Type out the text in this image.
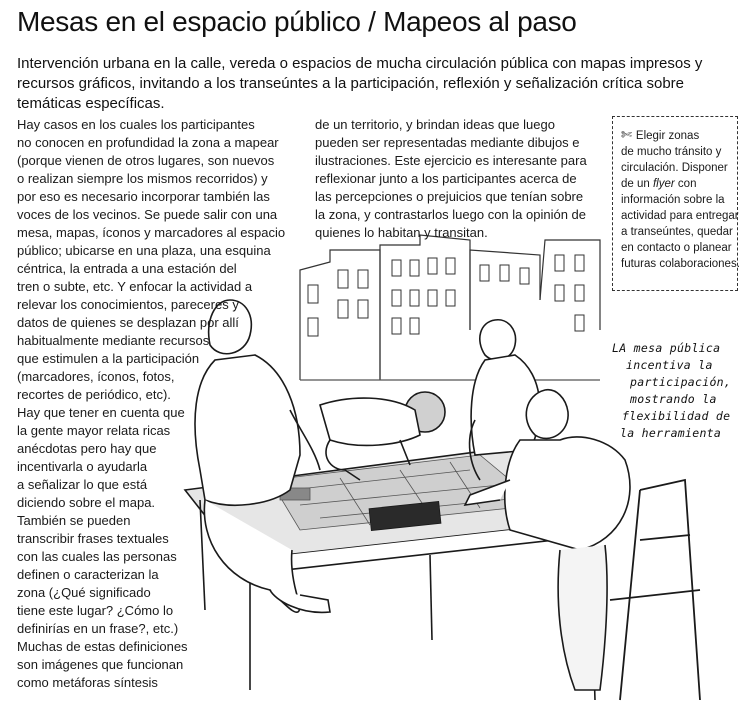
Mesas en el espacio público / Mapeos al paso

Intervención urbana en la calle, vereda o espacios de mucha circulación pública con mapas impresos y recursos gráficos, invitando a los transeúntes a la participación, reflexión y señalización crítica sobre temáticas específicas.

Hay casos en los cuales los participantes
no conocen en profundidad la zona a mapear
(porque vienen de otros lugares, son nuevos
o realizan siempre los mismos recorridos) y
por eso es necesario incorporar también las
voces de los vecinos. Se puede salir con una
mesa, mapas, íconos y marcadores al espacio
público; ubicarse en una plaza, una esquina
céntrica, la entrada a una estación del
tren o subte, etc. Y enfocar la actividad a
relevar los conocimientos, pareceres y
datos de quienes se desplazan por allí
habitualmente mediante recursos
que estimulen a la participación
(marcadores, íconos, fotos,
recortes de periódico, etc).
Hay que tener en cuenta que
la gente mayor relata ricas
anécdotas pero hay que
incentivarla o ayudarla
a señalizar lo que está
diciendo sobre el mapa.
También se pueden
transcribir frases textuales
con las cuales las personas
definen o caracterizan la
zona (¿Qué significado
tiene este lugar? ¿Cómo lo
definirías en un frase?, etc.)
Muchas de estas definiciones
son imágenes que funcionan
como metáforas síntesis
de un territorio, y brindan ideas que luego
pueden ser representadas mediante dibujos e
ilustraciones. Este ejercicio es interesante para
reflexionar junto a los participantes acerca de
las percepciones o prejuicios que tenían sobre
la zona, y contrastarlos luego con la opinión de
quienes lo habitan y transitan.
✄ Elegir zonas
de mucho tránsito y
circulación. Disponer
de un flyer con
información sobre la
actividad para entregar
a transeúntes, quedar
en contacto o planear
futuras colaboraciones.
LA mesa pública
incentiva la
participación,
mostrando la
flexibilidad de
la herramienta
